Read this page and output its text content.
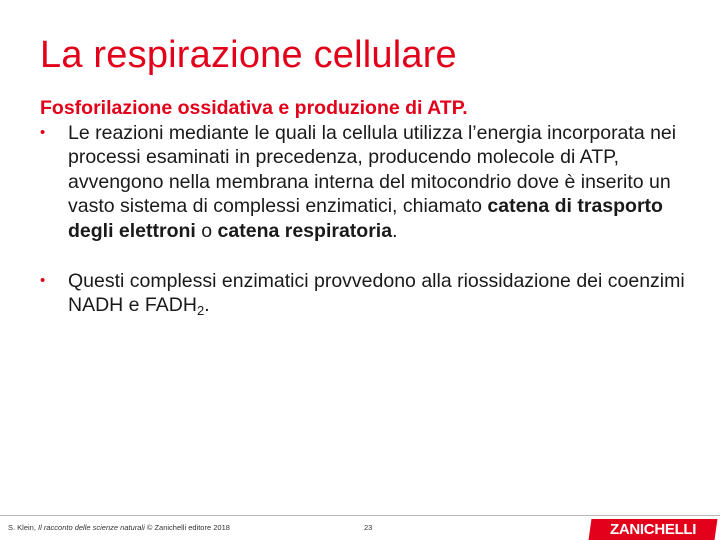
La respirazione cellulare
Fosforilazione ossidativa e produzione di ATP.
•	Le reazioni mediante le quali la cellula utilizza l’energia incorporata nei processi esaminati in precedenza, producendo molecole di ATP, avvengono nella membrana interna del mitocondrio dove è inserito un vasto sistema di complessi enzimatici, chiamato catena di trasporto degli elettroni o catena respiratoria.
•	Questi complessi enzimatici provvedono alla riossidazione dei coenzimi NADH e $FADH_2$.
S. Klein, Il racconto delle scienze naturali © Zanichelli editore 2018	23	ZANICHELLI
